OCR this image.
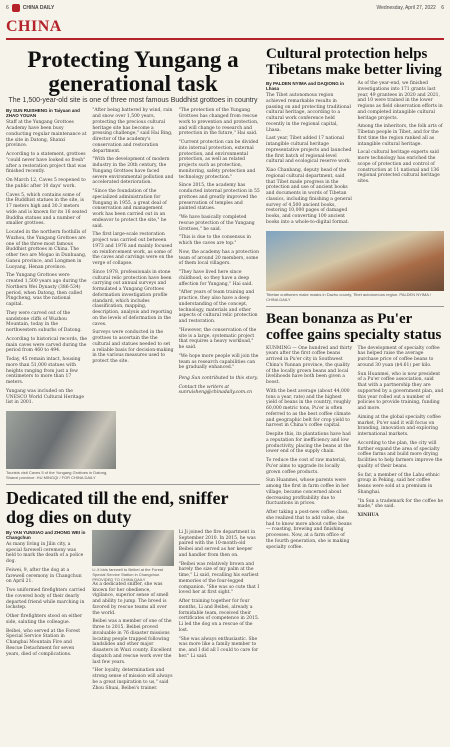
6	CHINA DAILY	Wednesday, April 27, 2022 6
CHINA
Protecting Yungang a generational task
The 1,500-year-old site is one of three most famous Buddhist grottoes in country
By SUN RUISHENG in Taiyuan and ZHAO YOUAN

Staff at the Yungang Grottoes Academy have been busy conducting regular maintenance at the site in Datong, Shanxi province.

According to a statement, grottoes "could never have looked so fresh" after a restoration project that was finished recently.

On March 12, Caves 5 reopened to the public after 10 days' work.

Caves 5, which contains some of the Buddhist statues in the site, is 17 meters high and 30.3 meters wide and is known for its 16 seated Buddha statues and a number of smaller grottoes.

Located in the northern foothills of Wuzhou, the Yungang Grottoes are one of the three most famous Buddhist grottoes in China. The other two are Mogao in Dunhuang, Gansu province, and Longmen in Luoyang, Henan province.

The Yungang Grottoes were created 1,500 years ago during the Northern Wei Dynasty (386-534) period, when Datong, then called Pingcheng, was the national capital.

They were carved out of the sandstone cliffs of Wuzhou Mountain, today in the northwestern suburbs of Datong.

According to historical records, the main caves were carved during the period from 460 to 494.

Today, 45 remain intact, housing more than 51,000 statues with heights ranging from just a few centimeters to more than 17 meters.

Yungang was included on the UNESCO World Cultural Heritage list in 2001.

"After being battered by wind, rain and snow over 1,500 years, protecting the precious cultural heritage site has become a pressing challenge," said Hai Bing, director of the academy's conservation and restoration department.

"With the development of modern industry in the 20th century, the Yungang Grottoes have faced severe environmental pollution and accelerated deterioration.

"Since the foundation of the specialized administration for Yungang in 1955, a great deal of conservation and management work has been carried out in an endeavor to protect the site," he said.

The first large-scale restoration project was carried out between 1973 and 1976 and mainly focused on reinforcement work, as some of the caves and carvings were on the verge of collapse.

Since 1978, professionals in stone cultural relic protection have been carrying out annual surveys and formulated a Yungang Grottoes deformation investigation profile standard, which includes classification, mapping, description, analysis and reporting on the levels of deformation in the caves.

Surveys were conducted in the grottoes to ascertain the the cultural and statues needed to set a reliable basis for decision-making in the various measures used to protect the site.

"The protection of the Yungang Grottoes has changed from rescue work to prevention and protection, and will change to research and protection in the future," Hai said.

"Current protection can be divided into internal protection, external protection, and environmental protection, as well as related projects such as protection, monitoring, safety protection and technology protection."

Since 2015, the academy has conducted internal protection in 55 grottoes and greatly improved the preservation of temples and painted statues.

"We have basically completed rescue protection of the Yungang Grottoes," he said.

"This is due to the consensus in which the caves are top."

Now, the academy has a protection team of around 20 members, some of them local villagers.

"They have lived here since childhood, so they have a deep affection for Yungang," Hai said.

"After years of team training and practice, they also have a deep understanding of the concept, technology, materials and other aspects of cultural relic protection and restoration.

"However, the conservation of the site is a large, systematic project that requires a heavy workload," he said.

"We hope more people will join the team as research capabilities can be gradually enhanced."

Peng Sun contributed to this story.

Contact the writers at sunruisheng@chinadaily.com.cn

Tourists visit Caves 5 of the Yungang Grottoes in Datong, Shanxi province. HU MINGQI / FOR CHINA DAILY
Dedicated till the end, sniffer dog dies on duty
By YAN YUNXIAO and ZHONG WEI in Changchun

As many living in Jilin city, a special farewell ceremony was held to mark the death of a police dog.

Feiwei, 9, after the dog at a farewell ceremony in Changchun on April 21.

Two uniformed firefighters carried the covered body of their dearly departed friend while marching in lockstep.

Other firefighters stood on either side, saluting the colleague.

Beibei, who served at the Forest Special Service Station in Changbai Mountain Fire and Rescue Detachment for seven years, died of complications.

Li Ji bids farewell to Beibei at the Forest Special Service Station in Changchun. PROVIDED TO CHINA DAILY

As a dedicated sniffer, she was known for her obedience, vigilance, superior sense of smell and ability to jump. The breed is favored by rescue teams all over the world.

Beibei was a member of one of the three to 2015. Beibei proved invaluable in 76 disaster missions locating people trapped following landslides and other major disasters in Wuzi county. Excellent dispatch and rescue work over the last few years.

"Her loyalty, determination and strong sense of mission will always be a great inspiration to us," said Zhou Shuai, Beibei's trainer.

Li Ji joined the fire department in September 2010. In 2015, he was paired with the 10-month-old Beibei and served as her keeper and handler from then on.

"Beibei was relatively brown and barely the size of my palm at the time," Li said, recalling his earliest memories of the four-legged companion. "She was so cute that I loved her at first sight."

After training together for four months, Li and Beibei, already a formidable team, received their certificates of competence in 2015. Li led the dog on a rescue of the lost.

"She was always enthusiastic. She was more like a family member to me, and I did all I could to care for her." Li said.

Cultural protection helps Tibetans make better living
By PALDEN NYIMA and DAQIONG in Lhasa

The Tibet autonomous region achieved remarkable results in passing on and protecting traditional cultural heritage, according to a cultural work conference held recently in the regional capital, Lhasa.

Last year, Tibet added 17 national intangible cultural heritage representative projects and launched the first batch of regional-level cultural and ecological reserve work.

Xiao Chanbang, deputy head of the regional cultural department, said that Tibet made progress in the protection and use of ancient books and documents in words of Tibetan classics, including finishing a general survey of 4,500 ancient books, restoring 10,000 pages of damaged books, and converting 100 ancient books into a whole-to-digital format.

As of the year-end, we finished investigations into 171 grants last year, 49 grantees in 2020 and 2021, and 10 were trained in the lower regions as field observation efforts in and completed intangible cultural heritage projects.

Among the inheritors, the folk arts of Tibetan people in Tibet, and for the first time the region ranked all as intangible cultural heritage.

Local cultural heritage experts said more technology has enriched the scope of protection and control of construction at 11 national and 136 regional protected cultural heritage sites.

Tibetan craftsmen make masks in Dazhu county, Tibet autonomous region. PALDEN NYIMA / CHINA DAILY
Bean bonanza as Pu'er coffee gains specialty status

KUNMING — One hundred and thirty years after the first coffee beans arrived in Pu'er city in Southwest China's Yunnan province, the quality of the locally grown beans and local livelihoods have both been given a boost.

With the best average (about 44,000 tons a year, rate) and the highest yield of beans in the country, roughly 60,000 metric tons, Pu'er is often referred to as the best coffee climate and geographic belt for crop yield to harvest in China's coffee capital.

Despite this, its plantations have had a reputation for inefficiency and low productivity, placing the beans at the lower end of the supply chain.

To reduce the cost of raw material, Pu'er aims to upgrade its locally grown coffee products.

Sun Huanmei, whose parents were among the first in farm coffee in her village, became concerned about decreasing profitability due to fluctuations in prices.

After taking a post-new coffee class, she realized that to add value, she had to know more about coffee beans — roasting, brewing and finishing processes. Now, at a farm office of the fourth generation, she is making specialty coffee.

The development of specialty coffee has helped raise the average purchase price of coffee beans to around 30 yuan ($4.61) per kilo.

Sun Huanmei, who is now president of a Pu'er coffee association, said that with a partnership they are supported by a government plan, and this year rolled out a number of policies to provide training, funding and more.

Aiming at the global specialty coffee market, Pu'er said it will focus on branding, innovation and exploring international markets.

According to the plan, the city will further expand the area of specialty coffee farms and build more drying facilities to help farmers improve the quality of their beans.

So far, a member of the Lahu ethnic group in Peking, said her coffee beans were sold at a premium in Shanghai.

"In Sun a trademark for the coffee he made," she said.

XINHUA
